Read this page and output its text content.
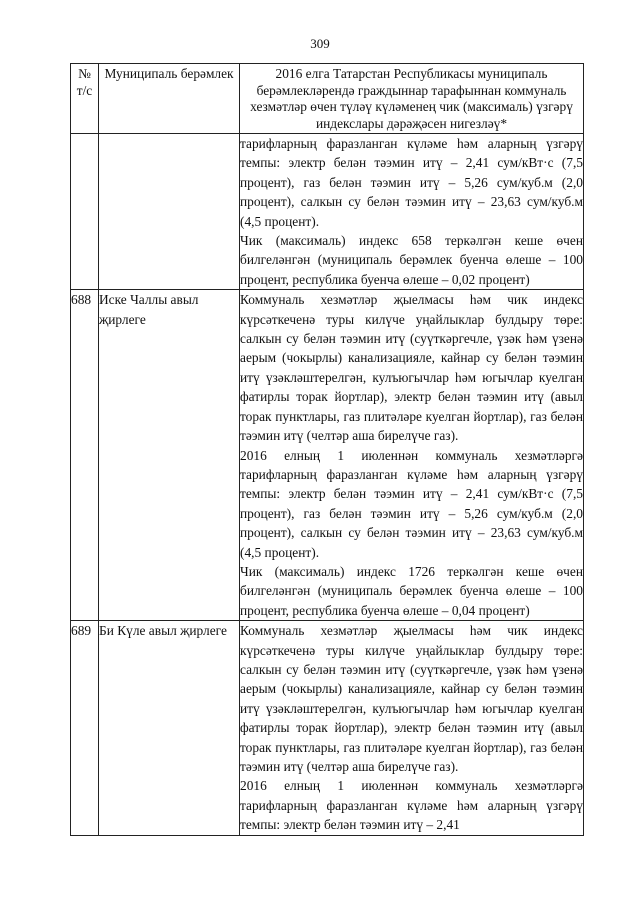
309
№ т/с	Муниципаль берәмлек	2016 елга Татарстан Республикасы муниципаль берәмлекләрендә граждыннар тарафыннан коммуналь хезмәтләр өчен түләү күләменең чик (максималь) үзгәрү индекслары дәрәҗәсен нигезләү*

		тарифларның фаразланган күләме һәм аларның үзгәрү темпы: электр белән тәэмин итү – 2,41 сум/кВт·с (7,5 процент), газ белән тәэмин итү – 5,26 сум/куб.м (2,0 процент), салкын су белән тәэмин итү – 23,63 сум/куб.м (4,5 процент).

Чик (максималь) индекс 658 теркәлгән кеше өчен билгеләнгән (муниципаль берәмлек буенча өлеше – 100 процент, республика буенча өлеше – 0,02 процент)

688	Иске Чаллы авыл җирлеге	Коммуналь хезмәтләр җыелмасы һәм чик индекс күрсәткеченә туры килүче уңайлыклар булдыру төре: салкын су белән тәэмин итү (суүткәргечле, үзәк һәм үзенә аерым (чокырлы) канализацияле, кайнар су белән тәэмин итү үзәкләштерелгән, кулъюгычлар һәм югычлар куелган фатирлы торак йортлар), электр белән тәэмин итү (авыл торак пунктлары, газ плитәләре куелган йортлар), газ белән тәэмин итү (челтәр аша бирелүче газ).

2016 елның 1 июленнән коммуналь хезмәтләргә тарифларның фаразланган күләме һәм аларның үзгәрү темпы: электр белән тәэмин итү – 2,41 сум/кВт·с (7,5 процент), газ белән тәэмин итү – 5,26 сум/куб.м (2,0 процент), салкын су белән тәэмин итү – 23,63 сум/куб.м (4,5 процент).

Чик (максималь) индекс 1726 теркәлгән кеше өчен билгеләнгән (муниципаль берәмлек буенча өлеше – 100 процент, республика буенча өлеше – 0,04 процент)

689	Би Күле авыл җирлеге	Коммуналь хезмәтләр җыелмасы һәм чик индекс күрсәткеченә туры килүче уңайлыклар булдыру төре: салкын су белән тәэмин итү (суүткәргечле, үзәк һәм үзенә аерым (чокырлы) канализацияле, кайнар су белән тәэмин итү үзәкләштерелгән, кулъюгычлар һәм югычлар куелган фатирлы торак йортлар), электр белән тәэмин итү (авыл торак пунктлары, газ плитәләре куелган йортлар), газ белән тәэмин итү (челтәр аша бирелүче газ).

2016 елның 1 июленнән коммуналь хезмәтләргә тарифларның фаразланган күләме һәм аларның үзгәрү темпы: электр белән тәэмин итү – 2,41
